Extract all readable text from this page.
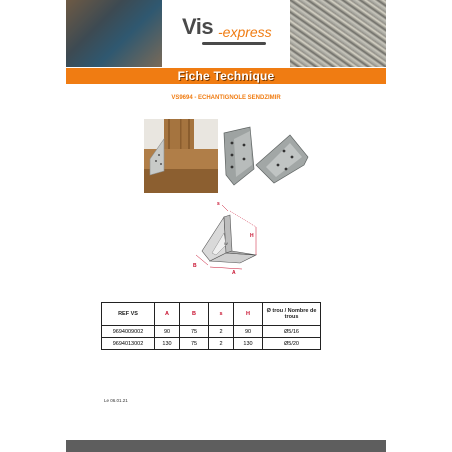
Vis -express
Fiche Technique
VS9694 - ECHANTIGNOLE SENDZIMIR
W
s
H
B
A
REF VS	A	B	s	H	Ø trou / Nombre de trous
9694009002	90	75	2	90	Ø5/16
9694013002	130	75	2	130	Ø5/20
Le 06.01.21
